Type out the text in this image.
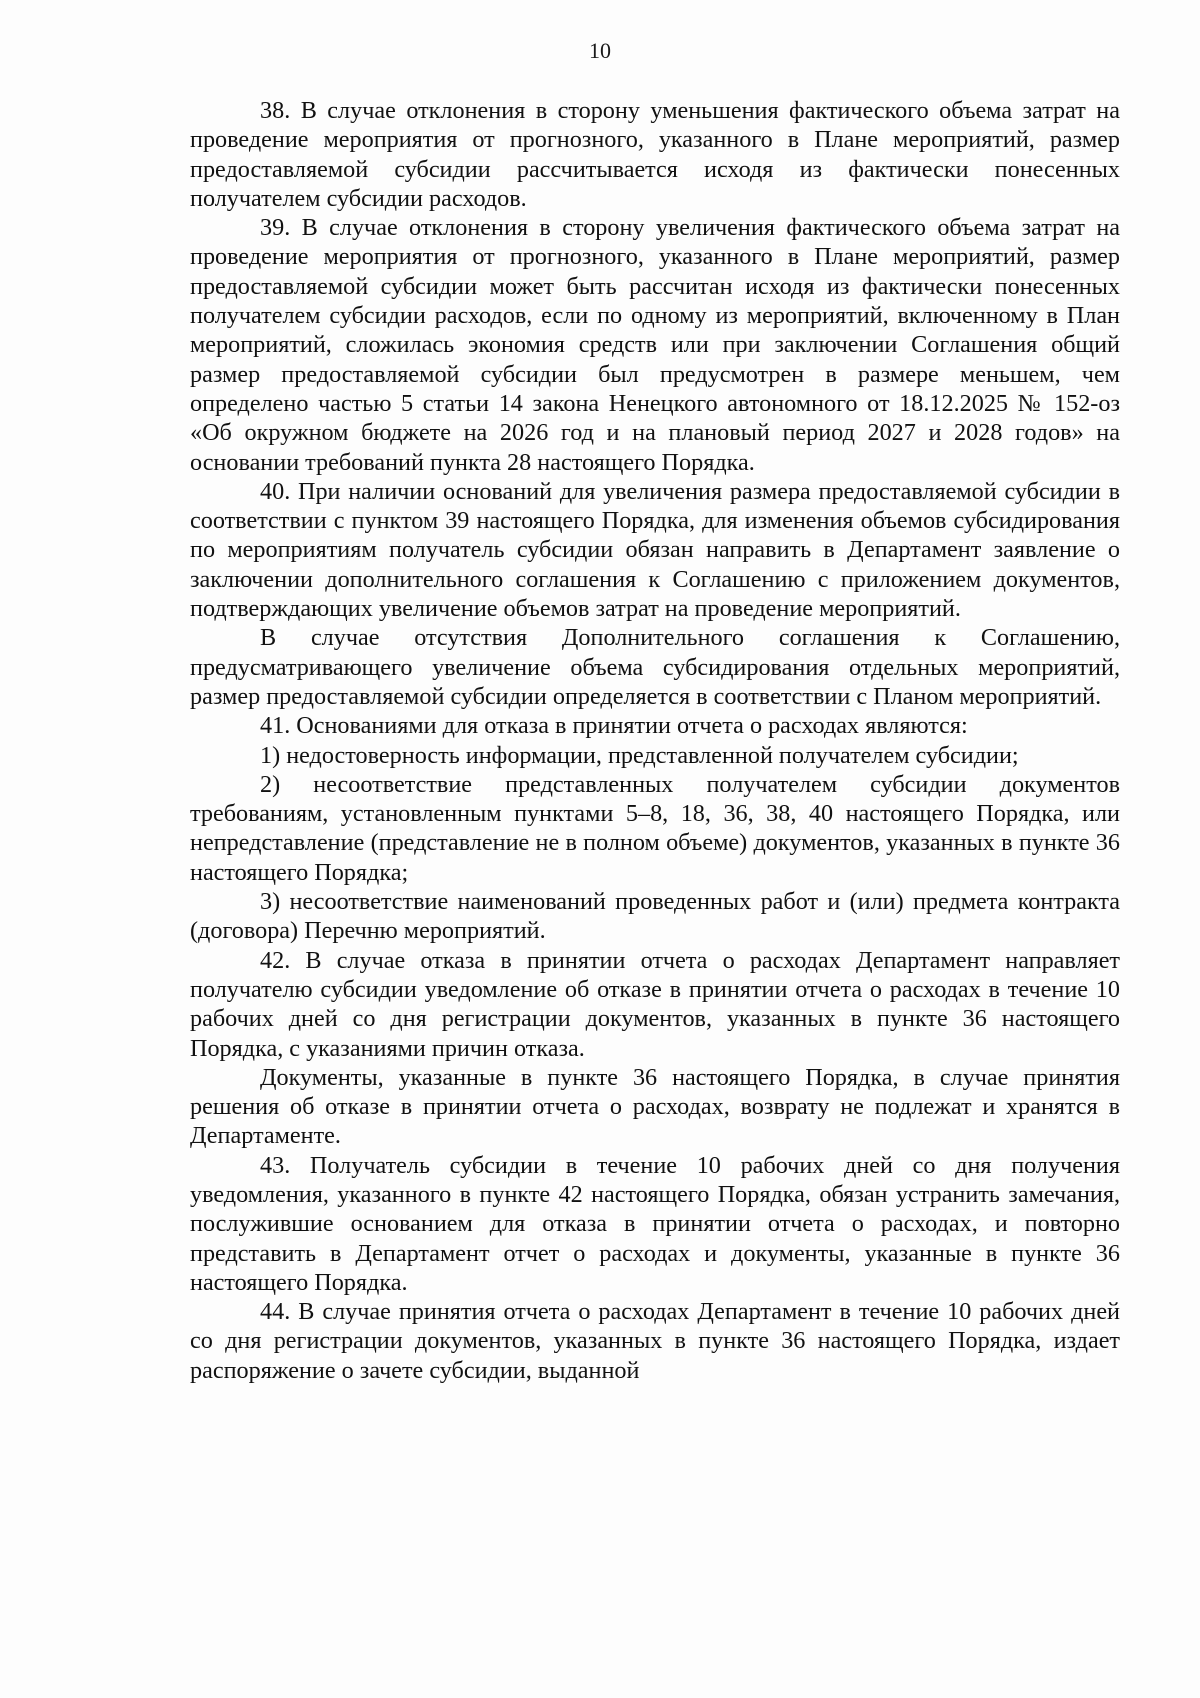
10

38. В случае отклонения в сторону уменьшения фактического объема затрат на проведение мероприятия от прогнозного, указанного в Плане мероприятий, размер предоставляемой субсидии рассчитывается исходя из фактически понесенных получателем субсидии расходов.

39. В случае отклонения в сторону увеличения фактического объема затрат на проведение мероприятия от прогнозного, указанного в Плане мероприятий, размер предоставляемой субсидии может быть рассчитан исходя из фактически понесенных получателем субсидии расходов, если по одному из мероприятий, включенному в План мероприятий, сложилась экономия средств или при заключении Соглашения общий размер предоставляемой субсидии был предусмотрен в размере меньшем, чем определено частью 5 статьи 14 закона Ненецкого автономного от 18.12.2025 № 152-оз «Об окружном бюджете на 2026 год и на плановый период 2027 и 2028 годов» на основании требований пункта 28 настоящего Порядка.

40. При наличии оснований для увеличения размера предоставляемой субсидии в соответствии с пунктом 39 настоящего Порядка, для изменения объемов субсидирования по мероприятиям получатель субсидии обязан направить в Департамент заявление о заключении дополнительного соглашения к Соглашению с приложением документов, подтверждающих увеличение объемов затрат на проведение мероприятий.

В случае отсутствия Дополнительного соглашения к Соглашению, предусматривающего увеличение объема субсидирования отдельных мероприятий, размер предоставляемой субсидии определяется в соответствии с Планом мероприятий.

41. Основаниями для отказа в принятии отчета о расходах являются:

1) недостоверность информации, представленной получателем субсидии;

2) несоответствие представленных получателем субсидии документов требованиям, установленным пунктами 5–8, 18, 36, 38, 40 настоящего Порядка, или непредставление (представление не в полном объеме) документов, указанных в пункте 36 настоящего Порядка;

3) несоответствие наименований проведенных работ и (или) предмета контракта (договора) Перечню мероприятий.

42. В случае отказа в принятии отчета о расходах Департамент направляет получателю субсидии уведомление об отказе в принятии отчета о расходах в течение 10 рабочих дней со дня регистрации документов, указанных в пункте 36 настоящего Порядка, с указаниями причин отказа.

Документы, указанные в пункте 36 настоящего Порядка, в случае принятия решения об отказе в принятии отчета о расходах, возврату не подлежат и хранятся в Департаменте.

43. Получатель субсидии в течение 10 рабочих дней со дня получения уведомления, указанного в пункте 42 настоящего Порядка, обязан устранить замечания, послужившие основанием для отказа в принятии отчета о расходах, и повторно представить в Департамент отчет о расходах и документы, указанные в пункте 36 настоящего Порядка.

44. В случае принятия отчета о расходах Департамент в течение 10 рабочих дней со дня регистрации документов, указанных в пункте 36 настоящего Порядка, издает распоряжение о зачете субсидии, выданной
